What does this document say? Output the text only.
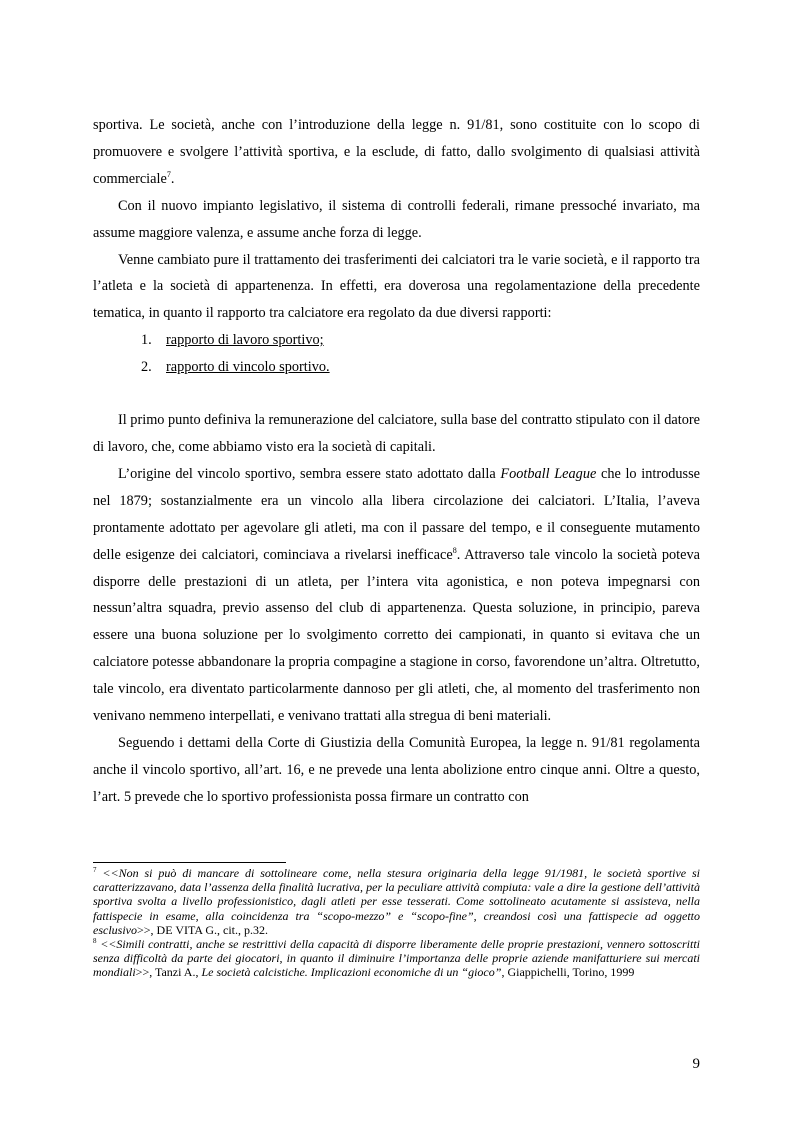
sportiva. Le società, anche con l’introduzione della legge n. 91/81, sono costituite con lo scopo di promuovere e svolgere l’attività sportiva, e la esclude, di fatto, dallo svolgimento di qualsiasi attività commerciale$^7$.

Con il nuovo impianto legislativo, il sistema di controlli federali, rimane pressoché invariato, ma assume maggiore valenza, e assume anche forza di legge.

Venne cambiato pure il trattamento dei trasferimenti dei calciatori tra le varie società, e il rapporto tra l’atleta e la società di appartenenza. In effetti, era doverosa una regolamentazione della precedente tematica, in quanto il rapporto tra calciatore era regolato da due diversi rapporti:

1. rapporto di lavoro sportivo;
2. rapporto di vincolo sportivo.

Il primo punto definiva la remunerazione del calciatore, sulla base del contratto stipulato con il datore di lavoro, che, come abbiamo visto era la società di capitali.

L’origine del vincolo sportivo, sembra essere stato adottato dalla Football League che lo introdusse nel 1879; sostanzialmente era un vincolo alla libera circolazione dei calciatori. L’Italia, l’aveva prontamente adottato per agevolare gli atleti, ma con il passare del tempo, e il conseguente mutamento delle esigenze dei calciatori, cominciava a rivelarsi inefficace$^8$. Attraverso tale vincolo la società poteva disporre delle prestazioni di un atleta, per l’intera vita agonistica, e non poteva impegnarsi con nessun’altra squadra, previo assenso del club di appartenenza. Questa soluzione, in principio, pareva essere una buona soluzione per lo svolgimento corretto dei campionati, in quanto si evitava che un calciatore potesse abbandonare la propria compagine a stagione in corso, favorendone un’altra. Oltretutto, tale vincolo, era diventato particolarmente dannoso per gli atleti, che, al momento del trasferimento non venivano nemmeno interpellati, e venivano trattati alla stregua di beni materiali.

Seguendo i dettami della Corte di Giustizia della Comunità Europea, la legge n. 91/81 regolamenta anche il vincolo sportivo, all’art. 16, e ne prevede una lenta abolizione entro cinque anni. Oltre a questo, l’art. 5 prevede che lo sportivo professionista possa firmare un contratto con

$^7$ <<Non si può di mancare di sottolineare come, nella stesura originaria della legge 91/1981, le società sportive si caratterizzavano, data l’assenza della finalità lucrativa, per la peculiare attività compiuta: vale a dire la gestione dell’attività sportiva svolta a livello professionistico, dagli atleti per esse tesserati. Come sottolineato acutamente si assisteva, nella fattispecie in esame, alla coincidenza tra “scopo-mezzo” e “scopo-fine”, creandosi così una fattispecie ad oggetto esclusivo>>, DE VITA G., cit., p.32.

$^8$ <<Simili contratti, anche se restrittivi della capacità di disporre liberamente delle proprie prestazioni, vennero sottoscritti senza difficoltà da parte dei giocatori, in quanto il diminuire l’importanza delle proprie aziende manifatturiere sui mercati mondiali>>, Tanzi A., Le società calcistiche. Implicazioni economiche di un “gioco”, Giappichelli, Torino, 1999

9
